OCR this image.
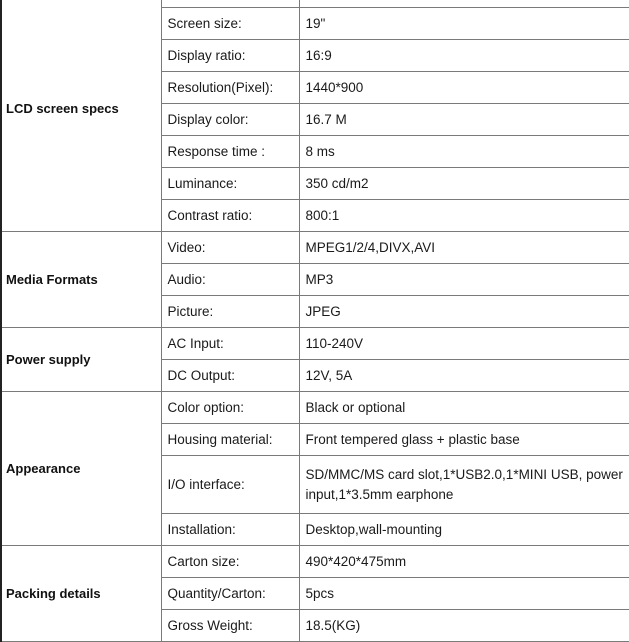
LCD screen specs		
	Screen size:	19"
	Display ratio:	16:9
	Resolution(Pixel):	1440*900
	Display color:	16.7 M
	Response time :	8 ms
	Luminance:	350 cd/m2
	Contrast ratio:	800:1
Media Formats	Video:	MPEG1/2/4,DIVX,AVI
	Audio:	MP3
	Picture:	JPEG
Power supply	AC Input:	110-240V
	DC Output:	12V, 5A
Appearance	Color option:	Black or optional
	Housing material:	Front tempered glass + plastic base
	I/O interface:	SD/MMC/MS card slot,1*USB2.0,1*MINI USB, power input,1*3.5mm earphone
	Installation:	Desktop,wall-mounting
Packing details	Carton size:	490*420*475mm
	Quantity/Carton:	5pcs
	Gross Weight:	18.5(KG)
